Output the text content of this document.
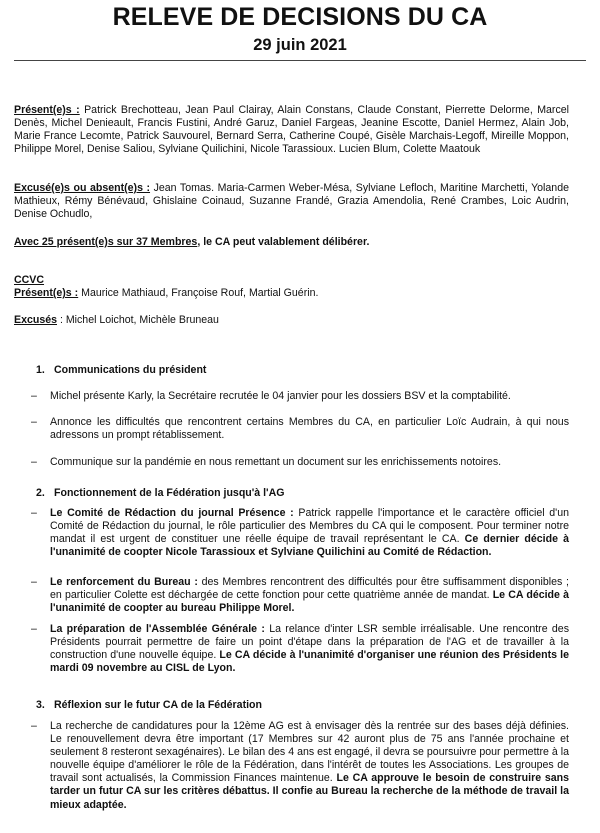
RELEVE DE DECISIONS DU CA
29 juin 2021
Présent(e)s : Patrick Brechotteau, Jean Paul Clairay, Alain Constans, Claude Constant, Pierrette Delorme, Marcel Denès, Michel Denieault, Francis Fustini, André Garuz, Daniel Fargeas, Jeanine Escotte, Daniel Hermez, Alain Job, Marie France Lecomte, Patrick Sauvourel, Bernard Serra, Catherine Coupé, Gisèle Marchais-Legoff, Mireille Moppon, Philippe Morel, Denise Saliou, Sylviane Quilichini, Nicole Tarassioux. Lucien Blum, Colette Maatouk
Excusé(e)s ou absent(e)s : Jean Tomas. Maria-Carmen Weber-Mésa, Sylviane Lefloch, Maritine Marchetti, Yolande Mathieux, Rémy Bénévaud, Ghislaine Coinaud, Suzanne Frandé, Grazia Amendolia, René Crambes, Loic Audrin, Denise Ochudlo,
Avec 25 présent(e)s sur 37 Membres, le CA peut valablement délibérer.
CCVC
Présent(e)s : Maurice Mathiaud, Françoise Rouf, Martial Guérin.
Excusés : Michel Loichot, Michèle Bruneau
1. Communications du président
– Michel présente Karly, la Secrétaire recrutée le 04 janvier pour les dossiers BSV et la comptabilité.
– Annonce les difficultés que rencontrent certains Membres du CA, en particulier Loïc Audrain, à qui nous adressons un prompt rétablissement.
– Communique sur la pandémie en nous remettant un document sur les enrichissements notoires.
2. Fonctionnement de la Fédération jusqu'à l'AG
– Le Comité de Rédaction du journal Présence : Patrick rappelle l'importance et le caractère officiel d'un Comité de Rédaction du journal, le rôle particulier des Membres du CA qui le composent. Pour terminer notre mandat il est urgent de constituer une réelle équipe de travail représentant le CA. Ce dernier décide à l'unanimité de coopter Nicole Tarassioux et Sylviane Quilichini au Comité de Rédaction.
– Le renforcement du Bureau : des Membres rencontrent des difficultés pour être suffisamment disponibles ; en particulier Colette est déchargée de cette fonction pour cette quatrième année de mandat. Le CA décide à l'unanimité de coopter au bureau Philippe Morel.
– La préparation de l'Assemblée Générale : La relance d'inter LSR semble irréalisable. Une rencontre des Présidents pourrait permettre de faire un point d'étape dans la préparation de l'AG et de travailler à la construction d'une nouvelle équipe. Le CA décide à l'unanimité d'organiser une réunion des Présidents le mardi 09 novembre au CISL de Lyon.
3. Réflexion sur le futur CA de la Fédération
– La recherche de candidatures pour la 12ème AG est à envisager dès la rentrée sur des bases déjà définies. Le renouvellement devra être important (17 Membres sur 42 auront plus de 75 ans l'année prochaine et seulement 8 resteront sexagénaires). Le bilan des 4 ans est engagé, il devra se poursuivre pour permettre à la nouvelle équipe d'améliorer le rôle de la Fédération, dans l'intérêt de toutes les Associations. Les groupes de travail sont actualisés, la Commission Finances maintenue. Le CA approuve le besoin de construire sans tarder un futur CA sur les critères débattus. Il confie au Bureau la recherche de la méthode de travail la mieux adaptée.
